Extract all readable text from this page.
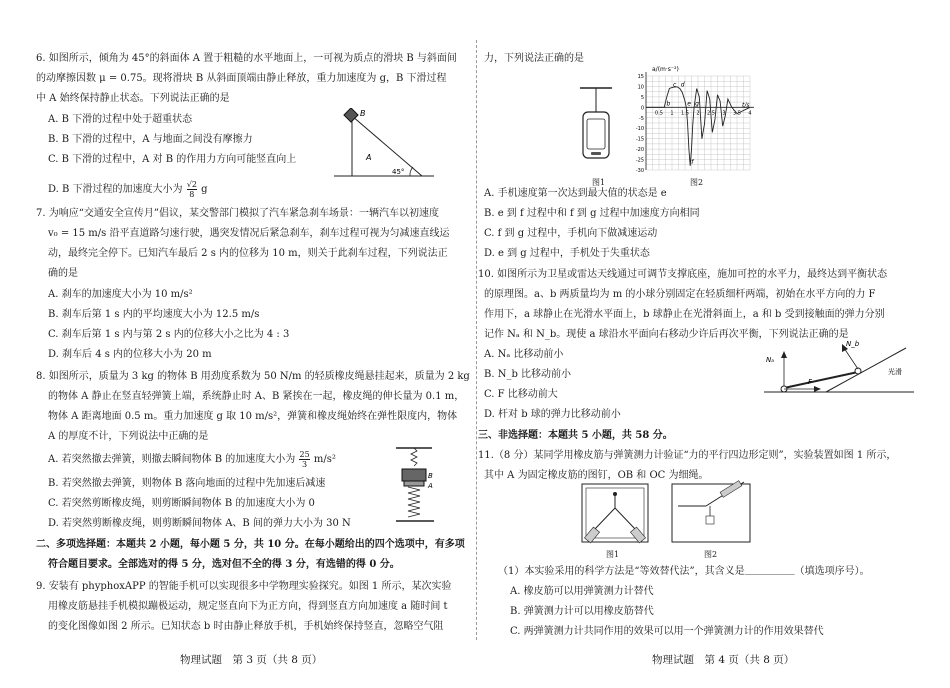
6. 如图所示，倾角为 45°的斜面体 A 置于粗糙的水平地面上，一可视为质点的滑块 B 与斜面间
的动摩擦因数 μ = 0.75。现将滑块 B 从斜面顶端由静止释放，重力加速度为 g，B 下滑过程
中 A 始终保持静止状态。下列说法正确的是
A. B 下滑的过程中处于超重状态
B. B 下滑的过程中，A 与地面之间没有摩擦力
C. B 下滑的过程中，A 对 B 的作用力方向可能竖直向上
D. B 下滑过程的加速度大小为 $\frac{√2}{8}$ g
B
A
45°
7. 为响应“交通安全宣传月”倡议，某交警部门模拟了汽车紧急刹车场景：一辆汽车以初速度
v₀ = 15 m/s 沿平直道路匀速行驶，遇突发情况后紧急刹车，刹车过程可视为匀减速直线运
动，最终完全停下。已知汽车最后 2 s 内的位移为 10 m，则关于此刹车过程，下列说法正
确的是
A. 刹车的加速度大小为 10 m/s²
B. 刹车后第 1 s 内的平均速度大小为 12.5 m/s
C. 刹车后第 1 s 内与第 2 s 内的位移大小之比为 4 : 3
D. 刹车后 4 s 内的位移大小为 20 m
8. 如图所示，质量为 3 kg 的物体 B 用劲度系数为 50 N/m 的轻质橡皮绳悬挂起来，质量为 2 kg
的物体 A 静止在竖直轻弹簧上端，系统静止时 A、B 紧挨在一起，橡皮绳的伸长量为 0.1 m，
物体 A 距离地面 0.5 m。重力加速度 g 取 10 m/s²，弹簧和橡皮绳始终在弹性限度内，物体
A 的厚度不计，下列说法中正确的是
A. 若突然撤去弹簧，则撤去瞬间物体 B 的加速度大小为 $\frac{25}{3} m/s^2$
B. 若突然撤去弹簧，则物体 B 落向地面的过程中先加速后减速
C. 若突然剪断橡皮绳，则剪断瞬间物体 B 的加速度大小为 0
D. 若突然剪断橡皮绳，则剪断瞬间物体 A、B 间的弹力大小为 30 N
B
A
二、多项选择题：本题共 2 小题，每小题 5 分，共 10 分。在每小题给出的四个选项中，有多项
符合题目要求。全部选对的得 5 分，选对但不全的得 3 分，有选错的得 0 分。
9. 安装有 phyphoxAPP 的智能手机可以实现很多中学物理实验探究。如图 1 所示，某次实验
用橡皮筋悬挂手机模拟蹦极运动，规定竖直向下为正方向，得到竖直方向加速度 a 随时间 t
的变化图像如图 2 所示。已知状态 b 时由静止释放手机，手机始终保持竖直，忽略空气阻
物理试题　第 3 页（共 8 页）
力，下列说法正确的是
图1
0.5 1 1.5 2 2.5 3 3.5 4
15
10
5
0
-5
-10
-15
-20
-25
-30
b
c d
e
f
g
a/(m·s⁻²)
t/s
图2
A. 手机速度第一次达到最大值的状态是 e
B. e 到 f 过程中和 f 到 g 过程中加速度方向相同
C. f 到 g 过程中，手机向下做减速运动
D. e 到 g 过程中，手机处于失重状态
10. 如图所示为卫星或雷达天线通过可调节支撑底座，施加可控的水平力，最终达到平衡状态
的原理图。a、b 两质量均为 m 的小球分别固定在轻质细杆两端，初始在水平方向的力 F
作用下，a 球静止在光滑水平面上，b 球静止在光滑斜面上，a 和 b 受到接触面的弹力分别
记作 Nₐ 和 N_b。现使 a 球沿水平面向右移动少许后再次平衡，下列说法正确的是
A. Nₐ 比移动前小
B. N_b 比移动前小
C. F 比移动前大
D. 杆对 b 球的弹力比移动前小
Nₐ
N_b
F
光滑
三、非选择题：本题共 5 小题，共 58 分。
11.（8 分）某同学用橡皮筋与弹簧测力计验证“力的平行四边形定则”，实验装置如图 1 所示，
其中 A 为固定橡皮筋的图钉，OB 和 OC 为细绳。
图1	图2
（1）本实验采用的科学方法是“等效替代法”，其含义是＿＿＿＿＿（填选项序号）。
A. 橡皮筋可以用弹簧测力计替代
B. 弹簧测力计可以用橡皮筋替代
C. 两弹簧测力计共同作用的效果可以用一个弹簧测力计的作用效果替代
物理试题　第 4 页（共 8 页）
